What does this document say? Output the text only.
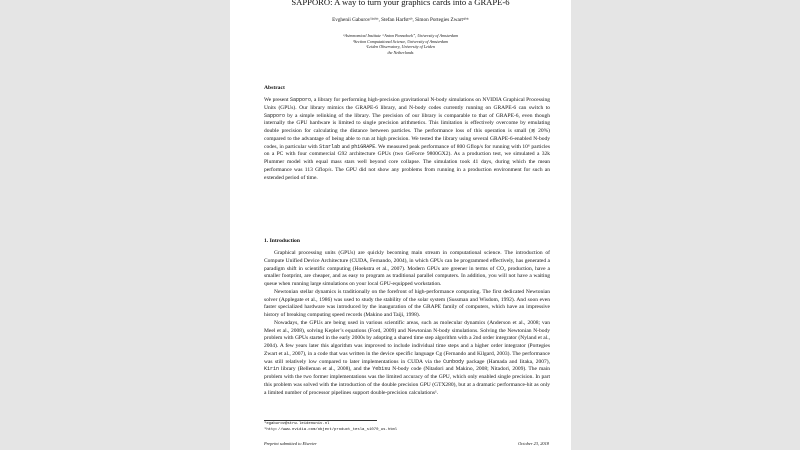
SAPPORO: A way to turn your graphics cards into a GRAPE-6
Evghenii Gaburov¹ʲᵃʲᵇʲᶜ, Stefan Harfstᵃʲᵇ, Simon Portegies Zwartᵃʲᵇʲᶜ
ᵃAstronomical Institute “Anton Pannekoek”, University of Amsterdam
ᵇSection Computational Science, University of Amsterdam
ᶜLeiden Observatory, University of Leiden
the Netherlands
Abstract
We present Sapporo, a library for performing high-precision gravitational N-body simulations on NVIDIA Graphical Processing Units (GPUs). Our library mimics the GRAPE-6 library, and N-body codes currently running on GRAPE-6 can switch to Sapporo by a simple relinking of the library. The precision of our library is comparable to that of GRAPE-6, even though internally the GPU hardware is limited to single precision arithmetics. This limitation is effectively overcome by emulating double precision for calculating the distance between particles. The performance loss of this operation is small (≲ 20%) compared to the advantage of being able to run at high precision. We tested the library using several GRAPE-6-enabled N-body codes, in particular with Starlab and phiGRAPE. We measured peak performance of 800 Gflop/s for running with 10⁶ particles on a PC with four commercial G92 architecture GPUs (two GeForce 9800GX2). As a production test, we simulated a 32k Plummer model with equal mass stars well beyond core collapse. The simulation took 41 days, during which the mean performance was 113 Gflop/s. The GPU did not show any problems from running in a production environment for such an extended period of time.
1. Introduction

Graphical processing units (GPUs) are quickly becoming main stream in computational science. The introduction of Compute Unified Device Architecture (CUDA, Fernando, 2004), in which GPUs can be programmed effectively, has generated a paradigm shift in scientific computing (Hoekstra et al., 2007). Modern GPUs are greener in terms of CO₂ production, have a smaller footprint, are cheaper, and as easy to program as traditional parallel computers. In addition, you will not have a waiting queue when running large simulations on your local GPU-equipped workstation.

Newtonian stellar dynamics is traditionally on the forefront of high-performance computing. The first dedicated Newtonian solver (Applegate et al., 1986) was used to study the stability of the solar system (Sussman and Wisdom, 1992). And soon even faster specialized hardware was introduced by the inauguration of the GRAPE family of computers, which have an impressive history of breaking computing speed records (Makino and Taiji, 1998).

Nowadays, the GPUs are being used in various scientific areas, such as molecular dynamics (Anderson et al., 2008; van Meel et al., 2008), solving Kepler’s equations (Ford, 2009) and Newtonian N-body simulations. Solving the Newtonian N-body problem with GPUs started in the early 2000s by adopting a shared time step algorithm with a 2nd order integrator (Nyland et al., 2004). A few years later this algorithm was improved to include individual time steps and a higher order integrator (Portegies Zwart et al., 2007), in a code that was written in the device specific language Cg (Fernando and Kilgard, 2003). The performance was still relatively low compared to later implementations in CUDA via the Cunbody package (Hamada and Iitaka, 2007), Kirin library (Belleman et al., 2008), and the Yebisu N-body code (Nitadori and Makino, 2008; Nitadori, 2009). The main problem with the two former implementations was the limited accuracy of the GPU, which only enabled single precision. In part this problem was solved with the introduction of the double precision GPU (GTX280), but at a dramatic performance-hit as only a limited number of processor pipelines support double-precision calculations¹.

¹egaburov@strw.leidenuniv.nl
¹http://www.nvidia.com/object/product_tesla_s1070_us.html
Preprint submitted to Elsevier	October 23, 2018
